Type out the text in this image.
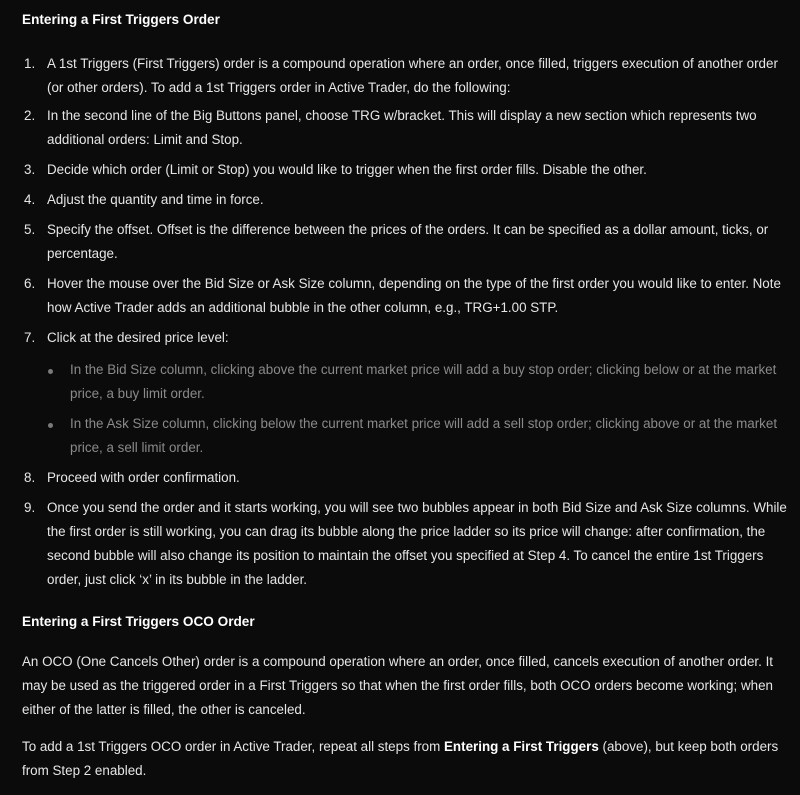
Entering a First Triggers Order
1. A 1st Triggers (First Triggers) order is a compound operation where an order, once filled, triggers execution of another order (or other orders). To add a 1st Triggers order in Active Trader, do the following:
2. In the second line of the Big Buttons panel, choose TRG w/bracket. This will display a new section which represents two additional orders: Limit and Stop.
3. Decide which order (Limit or Stop) you would like to trigger when the first order fills. Disable the other.
4. Adjust the quantity and time in force.
5. Specify the offset. Offset is the difference between the prices of the orders. It can be specified as a dollar amount, ticks, or percentage.
6. Hover the mouse over the Bid Size or Ask Size column, depending on the type of the first order you would like to enter. Note how Active Trader adds an additional bubble in the other column, e.g., TRG+1.00 STP.
7. Click at the desired price level:
In the Bid Size column, clicking above the current market price will add a buy stop order; clicking below or at the market price, a buy limit order.
In the Ask Size column, clicking below the current market price will add a sell stop order; clicking above or at the market price, a sell limit order.
8. Proceed with order confirmation.
9. Once you send the order and it starts working, you will see two bubbles appear in both Bid Size and Ask Size columns. While the first order is still working, you can drag its bubble along the price ladder so its price will change: after confirmation, the second bubble will also change its position to maintain the offset you specified at Step 4. To cancel the entire 1st Triggers order, just click ‘x’ in its bubble in the ladder.
Entering a First Triggers OCO Order

An OCO (One Cancels Other) order is a compound operation where an order, once filled, cancels execution of another order. It may be used as the triggered order in a First Triggers so that when the first order fills, both OCO orders become working; when either of the latter is filled, the other is canceled.

To add a 1st Triggers OCO order in Active Trader, repeat all steps from Entering a First Triggers (above), but keep both orders from Step 2 enabled.
